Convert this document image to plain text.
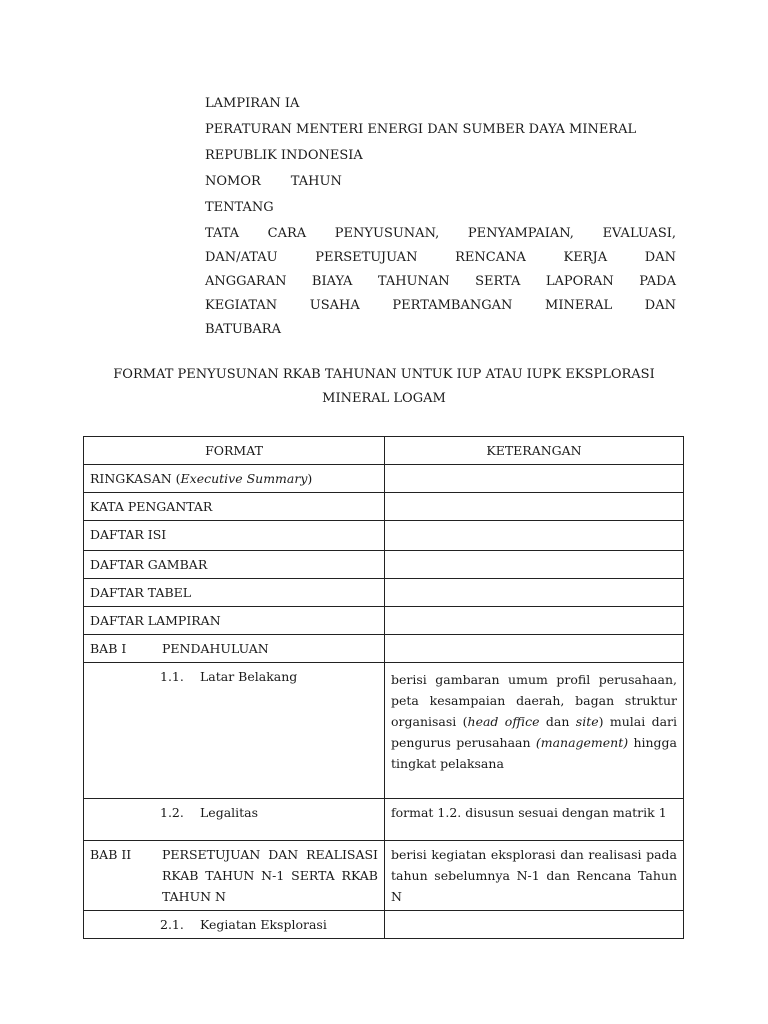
LAMPIRAN IA
PERATURAN MENTERI ENERGI DAN SUMBER DAYA MINERAL
REPUBLIK INDONESIA
NOMOR TAHUN
TENTANG
TATA CARA PENYUSUNAN, PENYAMPAIAN, EVALUASI,
DAN/ATAU PERSETUJUAN RENCANA KERJA DAN
ANGGARAN BIAYA TAHUNAN SERTA LAPORAN PADA
KEGIATAN USAHA PERTAMBANGAN MINERAL DAN
BATUBARA
FORMAT PENYUSUNAN RKAB TAHUNAN UNTUK IUP ATAU IUPK EKSPLORASI
MINERAL LOGAM
FORMAT	KETERANGAN
RINGKASAN (Executive Summary)	
KATA PENGANTAR	
DAFTAR ISI	
DAFTAR GAMBAR	
DAFTAR TABEL	
DAFTAR LAMPIRAN	

BAB I PENDAHULUAN	

1.1. Latar Belakang	berisi gambaran umum profil perusahaan, peta kesampaian daerah, bagan struktur organisasi (head office dan site) mulai dari pengurus perusahaan (management) hingga tingkat pelaksana

1.2. Legalitas	format 1.2. disusun sesuai dengan matrik 1

BAB II PERSETUJUAN DAN REALISASI RKAB TAHUN N-1 SERTA RKAB TAHUN N	berisi kegiatan eksplorasi dan realisasi pada tahun sebelumnya N-1 dan Rencana Tahun N

2.1. Kegiatan Eksplorasi	
